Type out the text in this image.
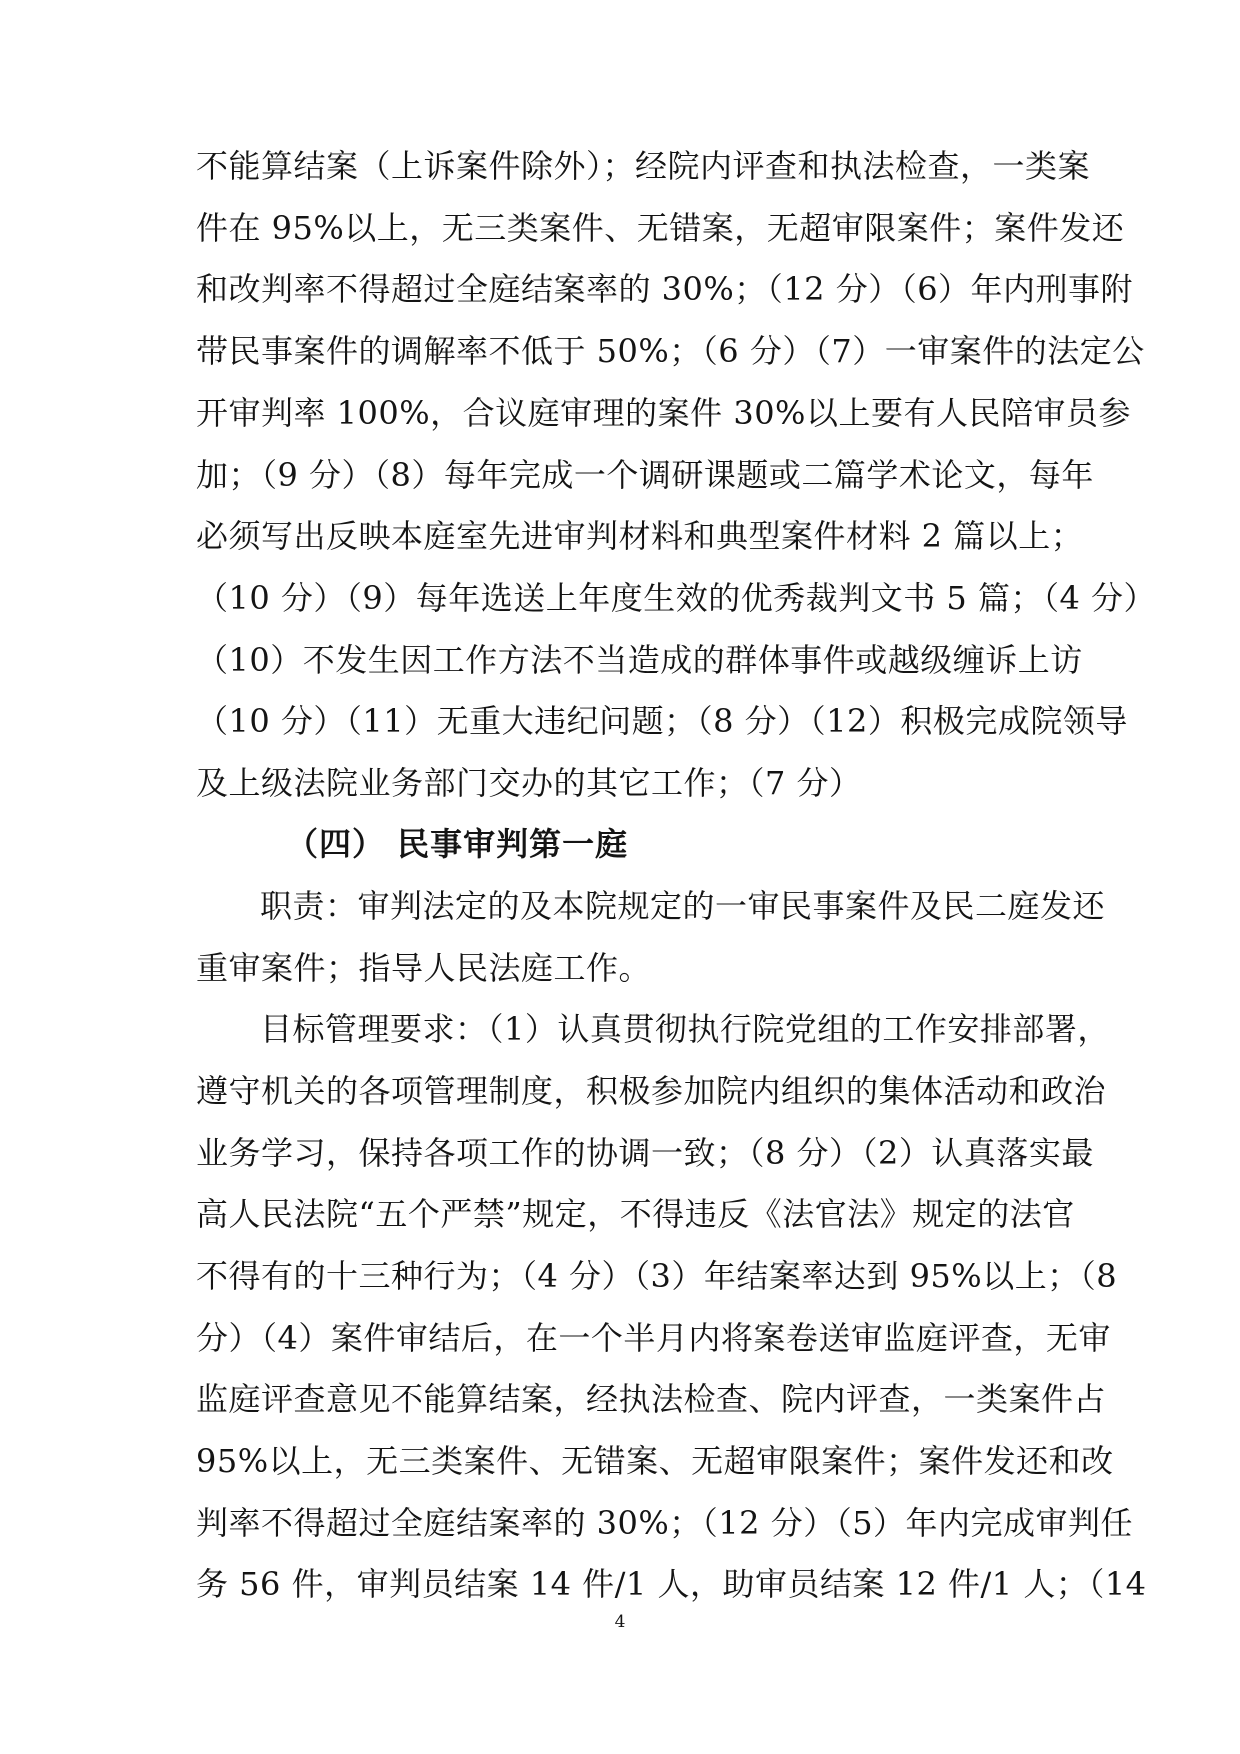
不能算结案（上诉案件除外）；经院内评查和执法检查，一类案
件在 95%以上，无三类案件、无错案，无超审限案件；案件发还
和改判率不得超过全庭结案率的 30%；（12 分）（6）年内刑事附
带民事案件的调解率不低于 50%；（6 分）（7）一审案件的法定公
开审判率 100%，合议庭审理的案件 30%以上要有人民陪审员参
加；（9 分）（8）每年完成一个调研课题或二篇学术论文，每年
必须写出反映本庭室先进审判材料和典型案件材料 2 篇以上；
（10 分）（9）每年选送上年度生效的优秀裁判文书 5 篇；（4 分）
（10）不发生因工作方法不当造成的群体事件或越级缠诉上访
（10 分）（11）无重大违纪问题；（8 分）（12）积极完成院领导
及上级法院业务部门交办的其它工作；（7 分）
（四） 民事审判第一庭
职责：审判法定的及本院规定的一审民事案件及民二庭发还
重审案件；指导人民法庭工作。
目标管理要求：（1）认真贯彻执行院党组的工作安排部署，
遵守机关的各项管理制度，积极参加院内组织的集体活动和政治
业务学习，保持各项工作的协调一致；（8 分）（2）认真落实最
高人民法院“五个严禁”规定，不得违反《法官法》规定的法官
不得有的十三种行为；（4 分）（3）年结案率达到 95%以上；（8
分）（4）案件审结后，在一个半月内将案卷送审监庭评查，无审
监庭评查意见不能算结案，经执法检查、院内评查，一类案件占
95%以上，无三类案件、无错案、无超审限案件；案件发还和改
判率不得超过全庭结案率的 30%；（12 分）（5）年内完成审判任
务 56 件，审判员结案 14 件/1 人，助审员结案 12 件/1 人；（14
4
